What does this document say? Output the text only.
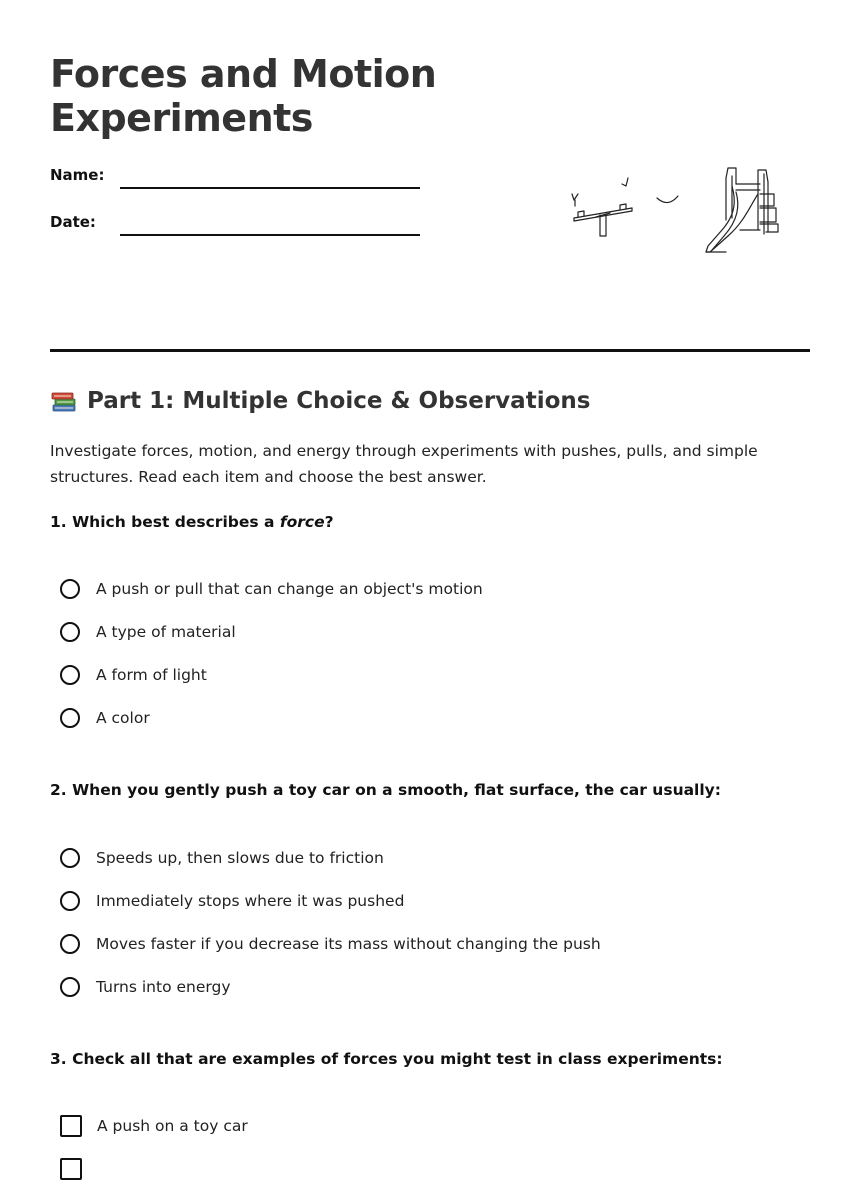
Forces and Motion Experiments
Name:
Date:
Part 1: Multiple Choice & Observations

Investigate forces, motion, and energy through experiments with pushes, pulls, and simple structures. Read each item and choose the best answer.

1. Which best describes a force?

A push or pull that can change an object's motion
A type of material
A form of light
A color

2. When you gently push a toy car on a smooth, flat surface, the car usually:

Speeds up, then slows due to friction
Immediately stops where it was pushed
Moves faster if you decrease its mass without changing the push
Turns into energy

3. Check all that are examples of forces you might test in class experiments:

A push on a toy car
